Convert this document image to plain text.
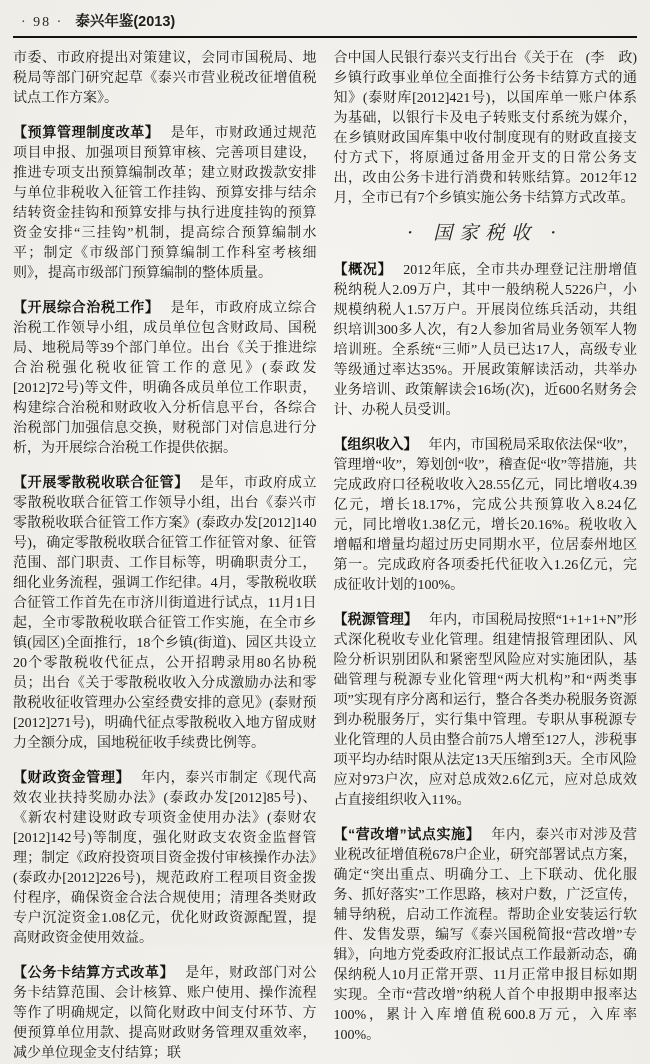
· 98 · 泰兴年鉴(2013)

市委、市政府提出对策建议，会同市国税局、地税局等部门研究起草《泰兴市营业税改征增值税试点工作方案》。

【预算管理制度改革】 是年，市财政通过规范项目申报、加强项目预算审核、完善项目建设，推进专项支出预算编制改革；建立财政拨款安排与单位非税收入征管工作挂钩、预算安排与结余结转资金挂钩和预算安排与执行进度挂钩的预算资金安排“三挂钩”机制，提高综合预算编制水平；制定《市级部门预算编制工作科室考核细则》，提高市级部门预算编制的整体质量。

【开展综合治税工作】 是年，市政府成立综合治税工作领导小组，成员单位包含财政局、国税局、地税局等39个部门单位。出台《关于推进综合治税强化税收征管工作的意见》(泰政发[2012]72号)等文件，明确各成员单位工作职责，构建综合治税和财政收入分析信息平台，各综合治税部门加强信息交换，财税部门对信息进行分析，为开展综合治税工作提供依据。

【开展零散税收联合征管】 是年，市政府成立零散税收联合征管工作领导小组，出台《泰兴市零散税收联合征管工作方案》(泰政办发[2012]140号)，确定零散税收联合征管工作征管对象、征管范围、部门职责、工作目标等，明确职责分工，细化业务流程，强调工作纪律。4月，零散税收联合征管工作首先在市济川街道进行试点，11月1日起，全市零散税收联合征管工作实施，在全市乡镇(园区)全面推行，18个乡镇(街道)、园区共设立20个零散税收代征点，公开招聘录用80名协税员；出台《关于零散税收收入分成激励办法和零散税收征收管理办公室经费安排的意见》(泰财预[2012]271号)，明确代征点零散税收入地方留成财力全额分成，国地税征收手续费比例等。

【财政资金管理】 年内，泰兴市制定《现代高效农业扶持奖励办法》(泰政办发[2012]85号)、《新农村建设财政专项资金使用办法》(泰财农[2012]142号)等制度，强化财政支农资金监督管理；制定《政府投资项目资金拨付审核操作办法》(泰政办[2012]226号)，规范政府工程项目资金拨付程序，确保资金合法合规使用；清理各类财政专户沉淀资金1.08亿元，优化财政资源配置，提高财政资金使用效益。

【公务卡结算方式改革】 是年，财政部门对公务卡结算范围、会计核算、账户使用、操作流程等作了明确规定，以简化财政中间支付环节、方便预算单位用款、提高财政财务管理双重效率，减少单位现金支付结算；联

(李　政)
合中国人民银行泰兴支行出台《关于在乡镇行政事业单位全面推行公务卡结算方式的通知》(泰财库[2012]421号)，以国库单一账户体系为基础，以银行卡及电子转账支付系统为媒介，在乡镇财政国库集中收付制度现有的财政直接支付方式下，将原通过备用金开支的日常公务支出，改由公务卡进行消费和转账结算。2012年12月，全市已有7个乡镇实施公务卡结算方式改革。

· 国家税收 ·

【概况】 2012年底，全市共办理登记注册增值税纳税人2.09万户，其中一般纳税人5226户，小规模纳税人1.57万户。开展岗位练兵活动，共组织培训300多人次，有2人参加省局业务领军人物培训班。全系统“三师”人员已达17人，高级专业等级通过率达35%。开展政策解读活动，共举办业务培训、政策解读会16场(次)，近600名财务会计、办税人员受训。

【组织收入】 年内，市国税局采取依法保“收”，管理增“收”，筹划创“收”，稽查促“收”等措施，共完成政府口径税收收入28.55亿元，同比增收4.39亿元，增长18.17%，完成公共预算收入8.24亿元，同比增收1.38亿元，增长20.16%。税收收入增幅和增量均超过历史同期水平，位居泰州地区第一。完成政府各项委托代征收入1.26亿元，完成征收计划的100%。

【税源管理】 年内，市国税局按照“1+1+1+N”形式深化税收专业化管理。组建情报管理团队、风险分析识别团队和紧密型风险应对实施团队，基础管理与税源专业化管理“两大机构”和“两类事项”实现有序分离和运行，整合各类办税服务资源到办税服务厅，实行集中管理。专职从事税源专业化管理的人员由整合前75人增至127人，涉税事项平均办结时限从法定13天压缩到3天。全市风险应对973户次，应对总成效2.6亿元，应对总成效占直接组织收入11%。

【“营改增”试点实施】 年内，泰兴市对涉及营业税改征增值税678户企业，研究部署试点方案，确定“突出重点、明确分工、上下联动、优化服务、抓好落实”工作思路，核对户数，广泛宣传，辅导纳税，启动工作流程。帮助企业安装运行软件、发售发票，编写《泰兴国税简报“营改增”专辑》，向地方党委政府汇报试点工作最新动态，确保纳税人10月正常开票、11月正常申报目标如期实现。全市“营改增”纳税人首个申报期申报率达100%，累计入库增值税600.8万元，入库率100%。
